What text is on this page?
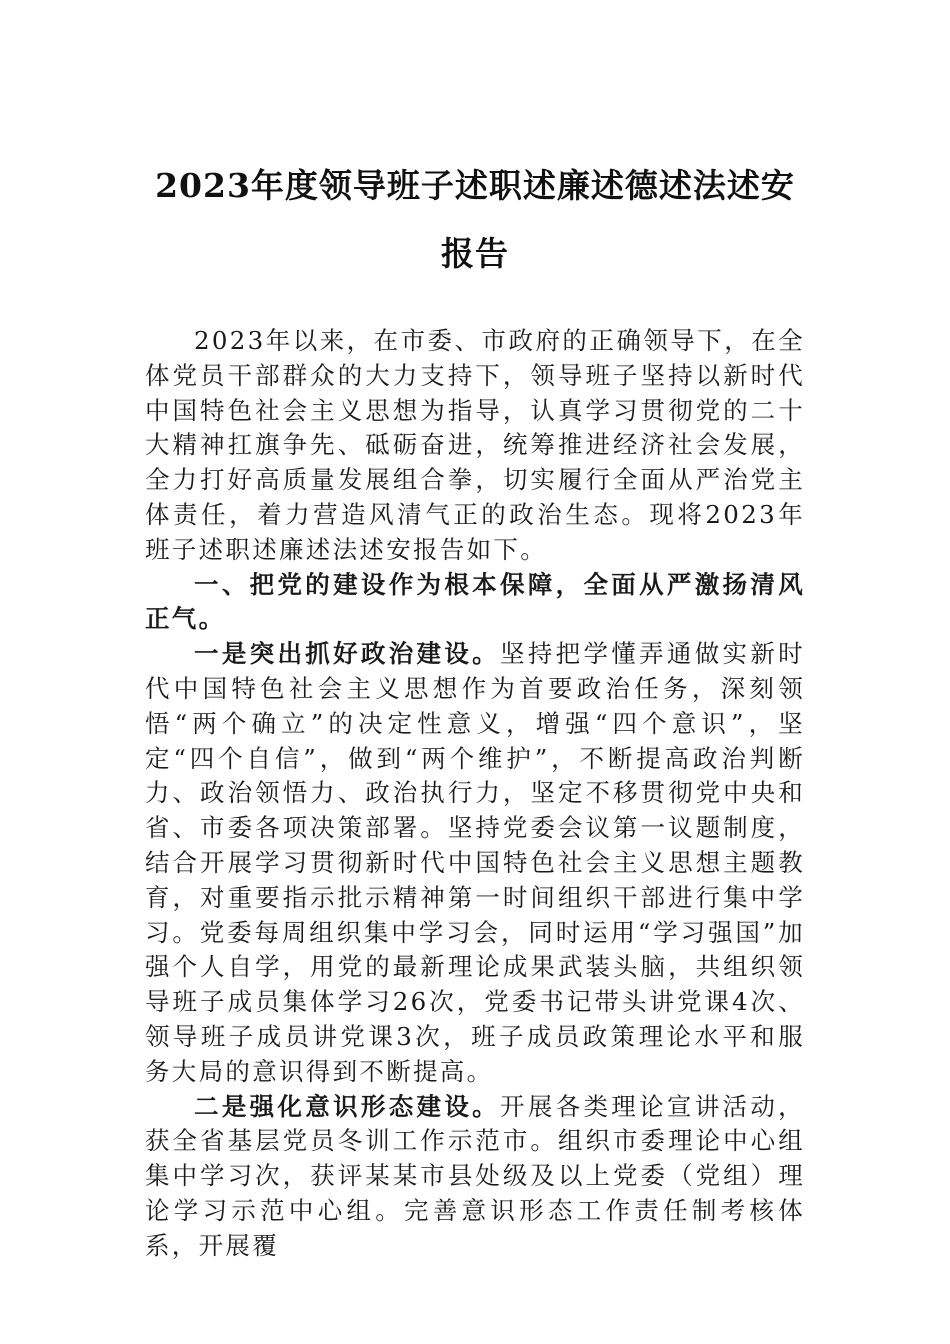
2023年度领导班子述职述廉述德述法述安
报告

2023年以来，在市委、市政府的正确领导下，在全体党员干部群众的大力支持下，领导班子坚持以新时代中国特色社会主义思想为指导，认真学习贯彻党的二十大精神扛旗争先、砥砺奋进，统筹推进经济社会发展，全力打好高质量发展组合拳，切实履行全面从严治党主体责任，着力营造风清气正的政治生态。现将2023年班子述职述廉述法述安报告如下。

一、把党的建设作为根本保障，全面从严激扬清风正气。

一是突出抓好政治建设。坚持把学懂弄通做实新时代中国特色社会主义思想作为首要政治任务，深刻领悟“两个确立”的决定性意义，增强“四个意识”，坚定“四个自信”，做到“两个维护”，不断提高政治判断力、政治领悟力、政治执行力，坚定不移贯彻党中央和省、市委各项决策部署。坚持党委会议第一议题制度，结合开展学习贯彻新时代中国特色社会主义思想主题教育，对重要指示批示精神第一时间组织干部进行集中学习。党委每周组织集中学习会，同时运用“学习强国”加强个人自学，用党的最新理论成果武装头脑，共组织领导班子成员集体学习26次，党委书记带头讲党课4次、领导班子成员讲党课3次，班子成员政策理论水平和服务大局的意识得到不断提高。

二是强化意识形态建设。开展各类理论宣讲活动，获全省基层党员冬训工作示范市。组织市委理论中心组集中学习次，获评某某市县处级及以上党委（党组）理论学习示范中心组。完善意识形态工作责任制考核体系，开展覆
